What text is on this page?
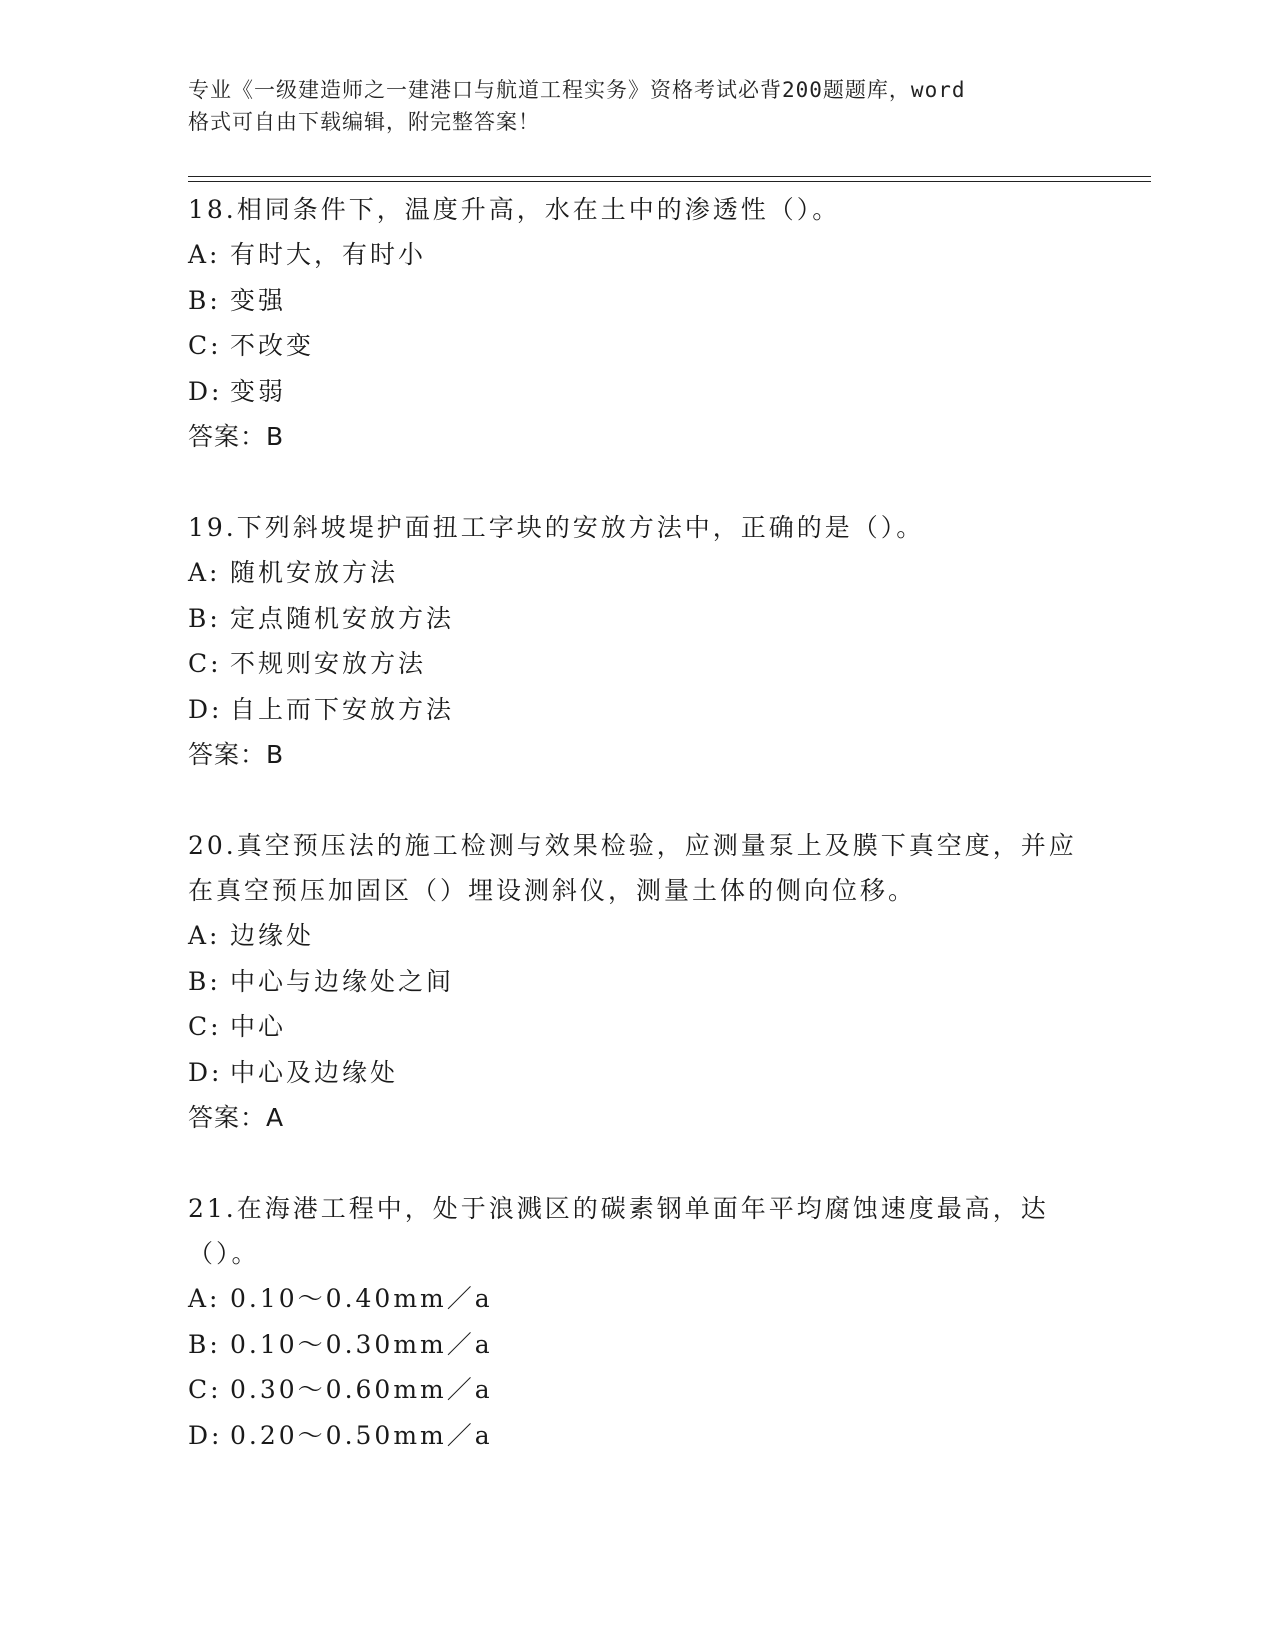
专业《一级建造师之一建港口与航道工程实务》资格考试必背200题题库，word
格式可自由下载编辑，附完整答案！

18.相同条件下，温度升高，水在土中的渗透性（）。

A: 有时大，有时小

B: 变强

C: 不改变

D: 变弱

答案：B

19.下列斜坡堤护面扭工字块的安放方法中，正确的是（）。

A: 随机安放方法

B: 定点随机安放方法

C: 不规则安放方法

D: 自上而下安放方法

答案：B

20.真空预压法的施工检测与效果检验，应测量泵上及膜下真空度，并应在真空预压加固区（）埋设测斜仪，测量土体的侧向位移。

A: 边缘处

B: 中心与边缘处之间

C: 中心

D: 中心及边缘处

答案：A

21.在海港工程中，处于浪溅区的碳素钢单面年平均腐蚀速度最高，达（）。

A: 0.10～0.40mm／a

B: 0.10～0.30mm／a

C: 0.30～0.60mm／a

D: 0.20～0.50mm／a
